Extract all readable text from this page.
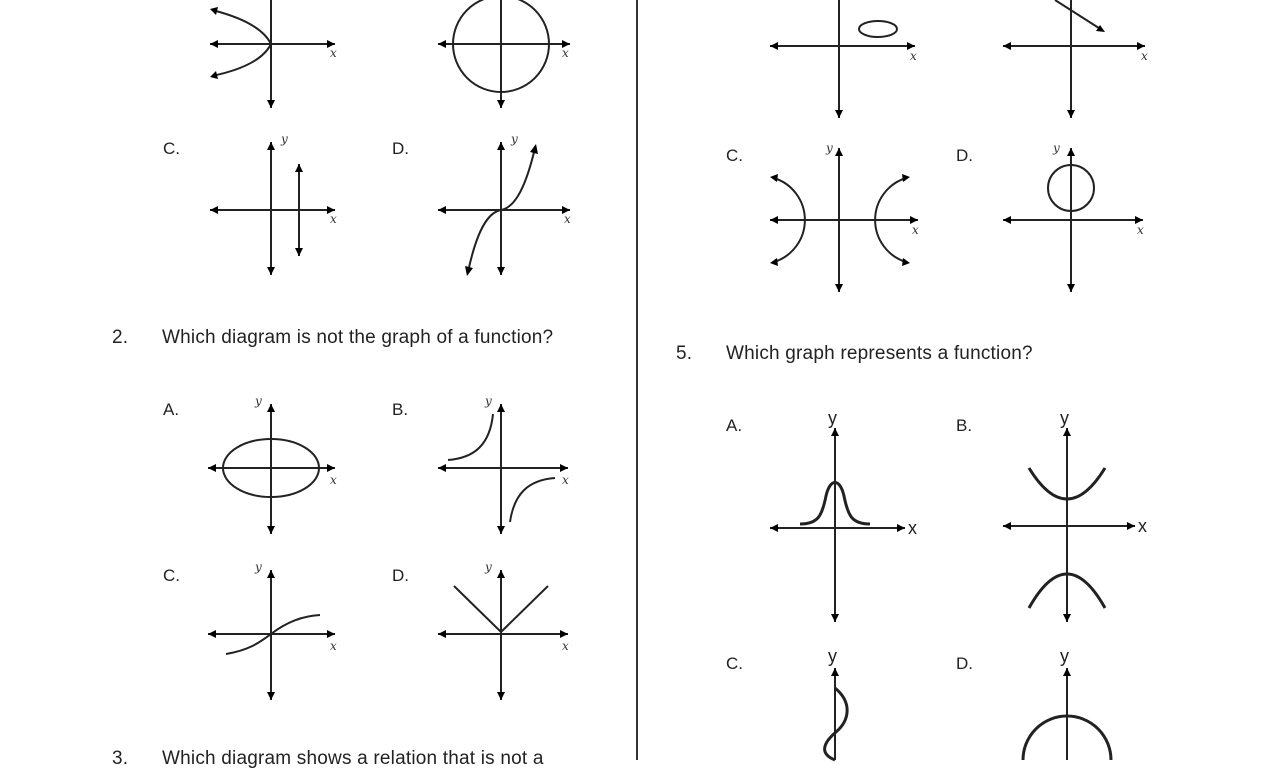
x	x
C.	y
x
D.	y
x
2. Which diagram is not the graph of a function?
A.	y
x
B.	y
x
C.	y
x
D.	y
x
3. Which diagram shows a relation that is not a
x	x
C.	y
x
D.	y
x
5. Which graph represents a function?
A.	y
x
B.	y
x
C.	y	D.	y
